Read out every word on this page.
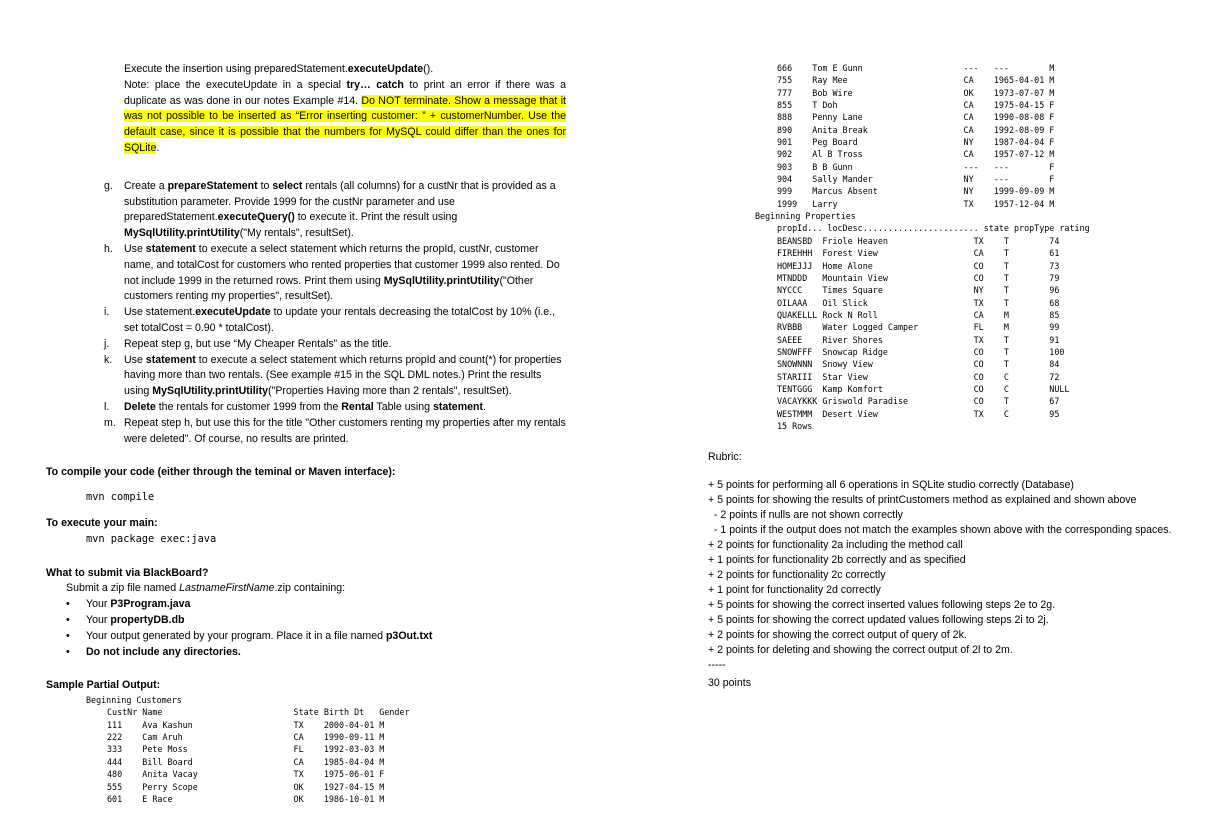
Execute the insertion using preparedStatement.executeUpdate().

Note: place the executeUpdate in a special try… catch to print an error if there was a duplicate as was done in our notes Example #14. Do NOT terminate. Show a message that it was not possible to be inserted as “Error inserting customer: ” + customerNumber. Use the default case, since it is possible that the numbers for MySQL could differ than the ones for SQLite.

g. Create a prepareStatement to select rentals (all columns) for a custNr that is provided as a substitution parameter. Provide 1999 for the custNr parameter and use preparedStatement.executeQuery() to execute it. Print the result using MySqlUtility.printUtility("My rentals", resultSet).
h. Use statement to execute a select statement which returns the propId, custNr, customer name, and totalCost for customers who rented properties that customer 1999 also rented. Do not include 1999 in the returned rows. Print them using MySqlUtility.printUtility("Other customers renting my properties", resultSet).
i. Use statement.executeUpdate to update your rentals decreasing the totalCost by 10% (i.e., set totalCost = 0.90 * totalCost).
j. Repeat step g, but use “My Cheaper Rentals” as the title.
k. Use statement to execute a select statement which returns propId and count(*) for properties having more than two rentals. (See example #15 in the SQL DML notes.) Print the results using MySqlUtility.printUtility("Properties Having more than 2 rentals", resultSet).
l. Delete the rentals for customer 1999 from the Rental Table using statement.
m. Repeat step h, but use this for the title "Other customers renting my properties after my rentals were deleted". Of course, no results are printed.

To compile your code (either through the teminal or Maven interface):

mvn compile

To execute your main:

mvn package exec:java

What to submit via BlackBoard?

Submit a zip file named LastnameFirstName.zip containing:

• Your P3Program.java
• Your propertyDB.db
• Your output generated by your program. Place it in a file named p3Out.txt
• Do not include any directories.

Sample Partial Output:

Beginning Customers

CustNr Name                          State Birth Dt   Gender

111    Ava Kashun                    TX    2000-04-01 M

222    Cam Aruh                      CA    1990-09-11 M

333    Pete Moss                     FL    1992-03-03 M

444    Bill Board                    CA    1985-04-04 M

480    Anita Vacay                   TX    1975-06-01 F

555    Perry Scope                   OK    1927-04-15 M

601    E Race                        OK    1986-10-01 M

666    Tom E Gunn                    ---   ---        M

755    Ray Mee                       CA    1965-04-01 M

777    Bob Wire                      OK    1973-07-07 M

855    T Doh                         CA    1975-04-15 F

888    Penny Lane                    CA    1990-08-08 F

890    Anita Break                   CA    1992-08-09 F

901    Peg Board                     NY    1987-04-04 F

902    Al B Tross                    CA    1957-07-12 M

903    B B Gunn                      ---   ---        F

904    Sally Mander                  NY    ---        F

999    Marcus Absent                 NY    1999-09-09 M

1999   Larry                         TX    1957-12-04 M

Beginning Properties

propId... locDesc....................... state propType rating

BEANSBD  Friole Heaven                 TX    T        74

FIREHHH  Forest View                   CA    T        61

HOMEJJJ  Home Alone                    CO    T        73

MTNDDD   Mountain View                 CO    T        79

NYCCC    Times Square                  NY    T        96

OILAAA   Oil Slick                     TX    T        68

QUAKELLL Rock N Roll                   CA    M        85

RVBBB    Water Logged Camper           FL    M        99

SAEEE    River Shores                  TX    T        91

SNOWFFF  Snowcap Ridge                 CO    T        100

SNOWNNN  Snowy View                    CO    T        84

STARIII  Star View                     CO    C        72

TENTGGG  Kamp Komfort                  CO    C        NULL

VACAYKKK Griswold Paradise             CO    T        67

WESTMMM  Desert View                   TX    C        95

15 Rows

Rubric:

+ 5 points for performing all 6 operations in SQLite studio correctly (Database)

+ 5 points for showing the results of printCustomers method as explained and shown above

- 2 points if nulls are not shown correctly

- 1 points if the output does not match the examples shown above with the corresponding spaces.

+ 2 points for functionality 2a including the method call

+ 1 points for functionality 2b correctly and as specified

+ 2 points for functionality 2c correctly

+ 1 point for functionality 2d correctly

+ 5 points for showing the correct inserted values following steps 2e to 2g.

+ 5 points for showing the correct updated values following steps 2i to 2j.

+ 2 points for showing the correct output of query of 2k.

+ 2 points for deleting and showing the correct output of 2l to 2m.

-----

30 points
